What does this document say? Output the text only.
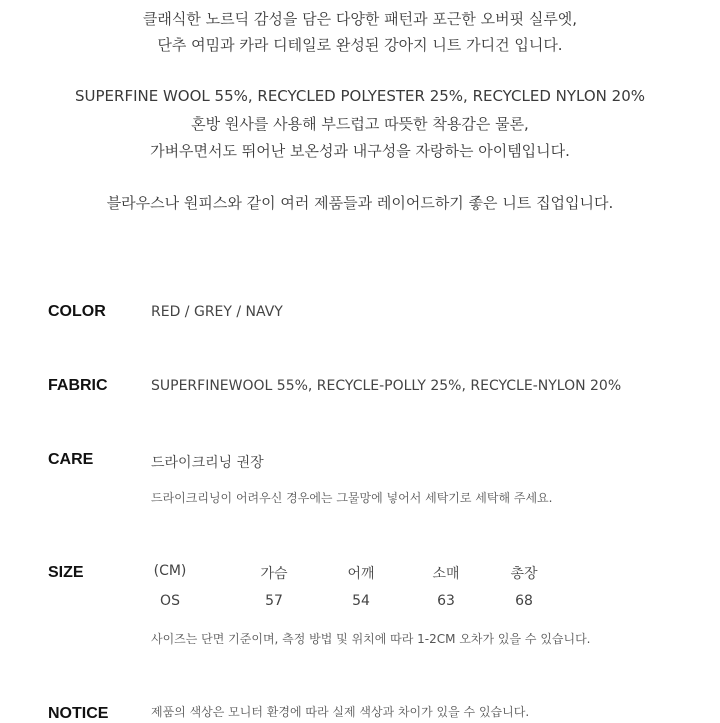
클래식한 노르딕 감성을 담은 다양한 패턴과 포근한 오버핏 실루엣,
단추 여밈과 카라 디테일로 완성된 강아지 니트 가디건 입니다.
SUPERFINE WOOL 55%, RECYCLED POLYESTER 25%, RECYCLED NYLON 20%
혼방 원사를 사용해 부드럽고 따뜻한 착용감은 물론,
가벼우면서도 뛰어난 보온성과 내구성을 자랑하는 아이템입니다.
블라우스나 원피스와 같이 여러 제품들과 레이어드하기 좋은 니트 집업입니다.
COLOR	RED / GREY / NAVY
FABRIC	SUPERFINEWOOL 55%, RECYCLE-POLLY 25%, RECYCLE-NYLON 20%
CARE	드라이크리닝 권장
드라이크리닝이 어려우신 경우에는 그물망에 넣어서 세탁기로 세탁해 주세요.
SIZE	(CM)	가슴	어깨	소매	총장
OS	57	54	63	68
사이즈는 단면 기준이며, 측정 방법 및 위치에 따라 1-2CM 오차가 있을 수 있습니다.
NOTICE	제품의 색상은 모니터 환경에 따라 실제 색상과 차이가 있을 수 있습니다.
